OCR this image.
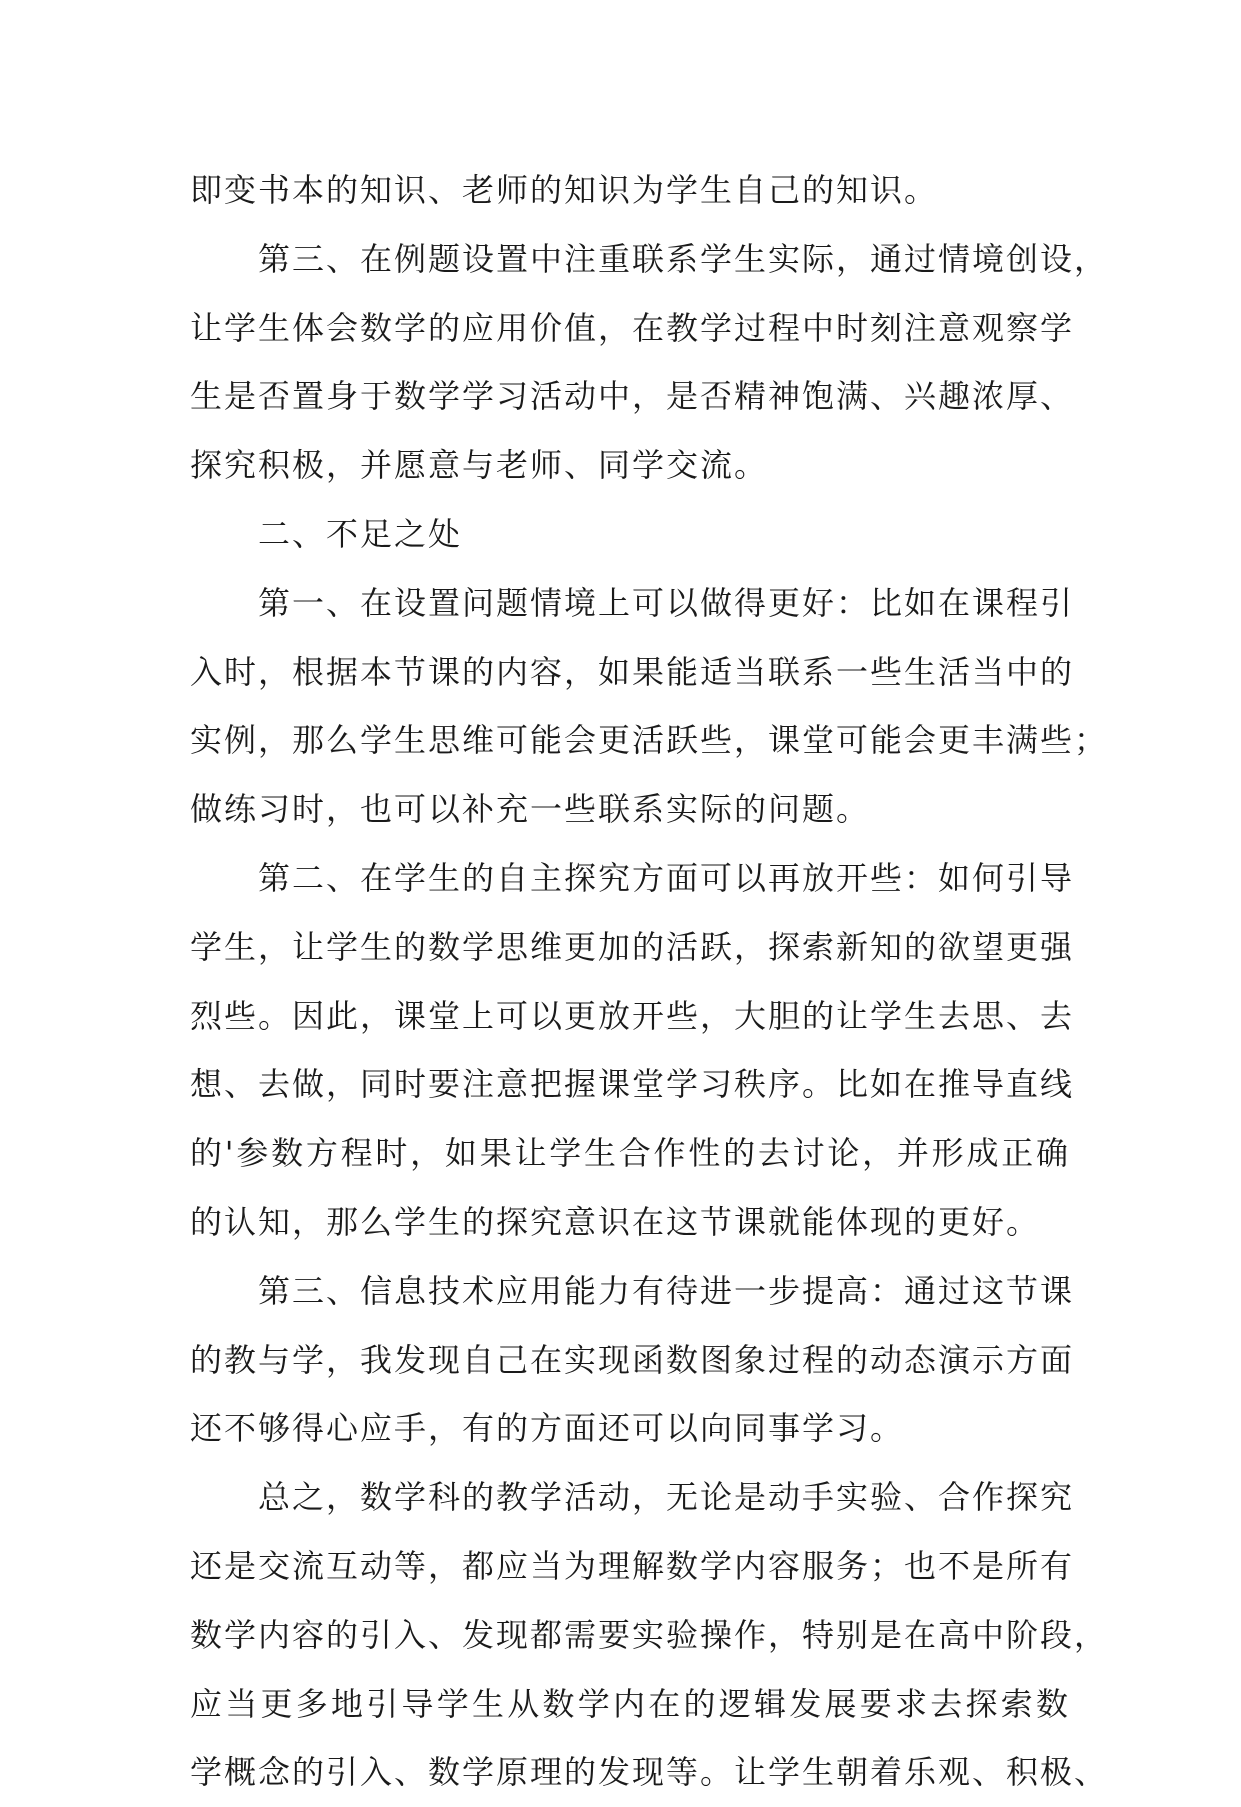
即变书本的知识、老师的知识为学生自己的知识。
第三、在例题设置中注重联系学生实际，通过情境创设，
让学生体会数学的应用价值，在教学过程中时刻注意观察学
生是否置身于数学学习活动中，是否精神饱满、兴趣浓厚、
探究积极，并愿意与老师、同学交流。
二、不足之处
第一、在设置问题情境上可以做得更好：比如在课程引
入时，根据本节课的内容，如果能适当联系一些生活当中的
实例，那么学生思维可能会更活跃些，课堂可能会更丰满些；
做练习时，也可以补充一些联系实际的问题。
第二、在学生的自主探究方面可以再放开些：如何引导
学生，让学生的数学思维更加的活跃，探索新知的欲望更强
烈些。因此，课堂上可以更放开些，大胆的让学生去思、去
想、去做，同时要注意把握课堂学习秩序。比如在推导直线
的'参数方程时，如果让学生合作性的去讨论，并形成正确
的认知，那么学生的探究意识在这节课就能体现的更好。
第三、信息技术应用能力有待进一步提高：通过这节课
的教与学，我发现自己在实现函数图象过程的动态演示方面
还不够得心应手，有的方面还可以向同事学习。
总之，数学科的教学活动，无论是动手实验、合作探究
还是交流互动等，都应当为理解数学内容服务；也不是所有
数学内容的引入、发现都需要实验操作，特别是在高中阶段，
应当更多地引导学生从数学内在的逻辑发展要求去探索数
学概念的引入、数学原理的发现等。让学生朝着乐观、积极、
